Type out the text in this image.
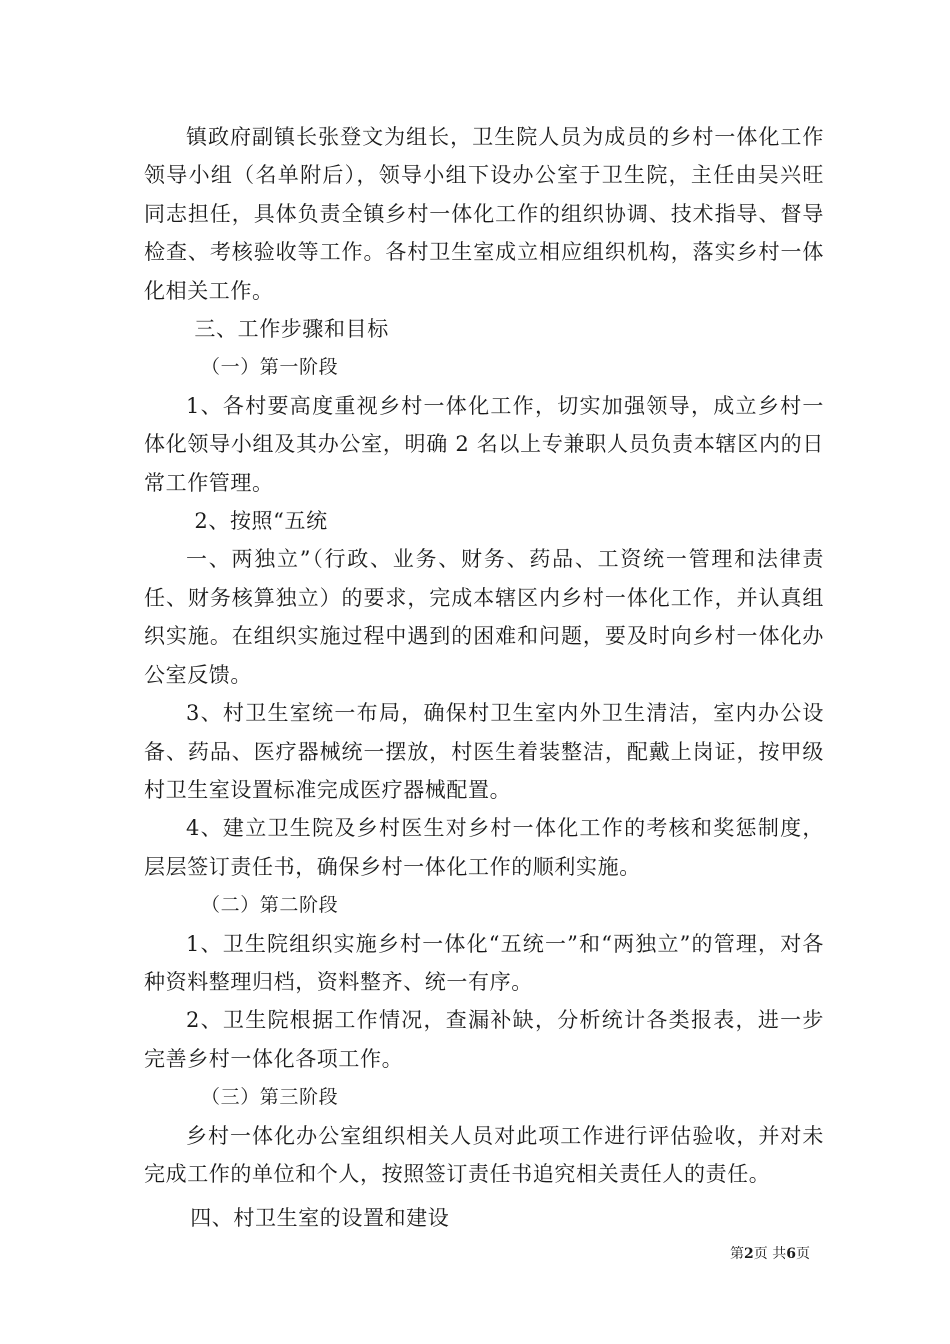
镇政府副镇长张登文为组长，卫生院人员为成员的乡村一体化工作领导小组（名单附后），领导小组下设办公室于卫生院，主任由吴兴旺同志担任，具体负责全镇乡村一体化工作的组织协调、技术指导、督导检查、考核验收等工作。各村卫生室成立相应组织机构，落实乡村一体化相关工作。

三、工作步骤和目标

（一）第一阶段

1、各村要高度重视乡村一体化工作，切实加强领导，成立乡村一体化领导小组及其办公室，明确 2 名以上专兼职人员负责本辖区内的日常工作管理。

2、按照“五统

一、两独立”（行政、业务、财务、药品、工资统一管理和法律责任、财务核算独立）的要求，完成本辖区内乡村一体化工作，并认真组织实施。在组织实施过程中遇到的困难和问题，要及时向乡村一体化办公室反馈。

3、村卫生室统一布局，确保村卫生室内外卫生清洁，室内办公设备、药品、医疗器械统一摆放，村医生着装整洁，配戴上岗证，按甲级村卫生室设置标准完成医疗器械配置。

4、建立卫生院及乡村医生对乡村一体化工作的考核和奖惩制度，层层签订责任书，确保乡村一体化工作的顺利实施。

（二）第二阶段

1、卫生院组织实施乡村一体化“五统一”和“两独立”的管理，对各种资料整理归档，资料整齐、统一有序。

2、卫生院根据工作情况，查漏补缺，分析统计各类报表，进一步完善乡村一体化各项工作。

（三）第三阶段

乡村一体化办公室组织相关人员对此项工作进行评估验收，并对未完成工作的单位和个人，按照签订责任书追究相关责任人的责任。

四、村卫生室的设置和建设

第2页 共6页
